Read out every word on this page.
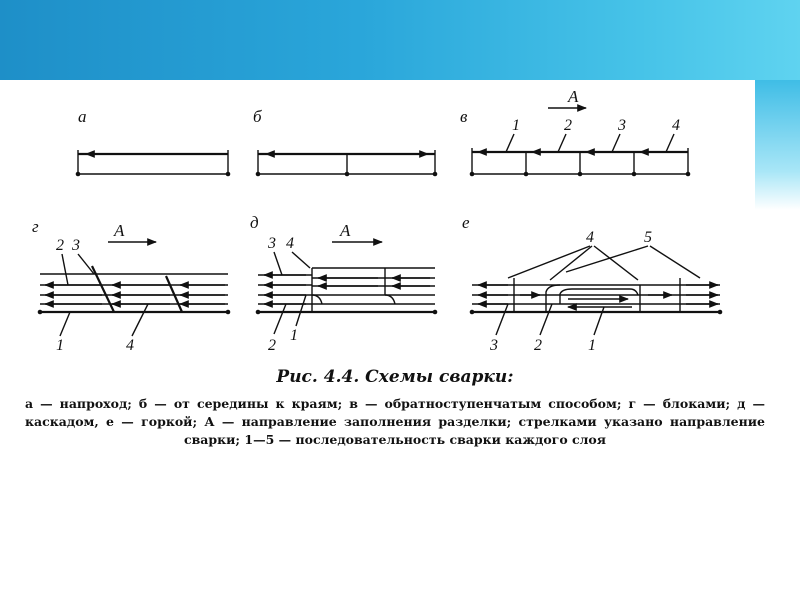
а	б	в
A
1	2	3	4
г	A
2 3
1	4
д	A
3 4
2
1
е
4	5
3 2	1
Рис. 4.4. Схемы сварки:
а — напроход; б — от середины к краям; в — обратноступенчатым способом; г — блоками; д — каскадом, е — горкой; А — направление заполнения разделки; стрелками указано направление сварки; 1—5 — последовательность сварки каждого слоя
